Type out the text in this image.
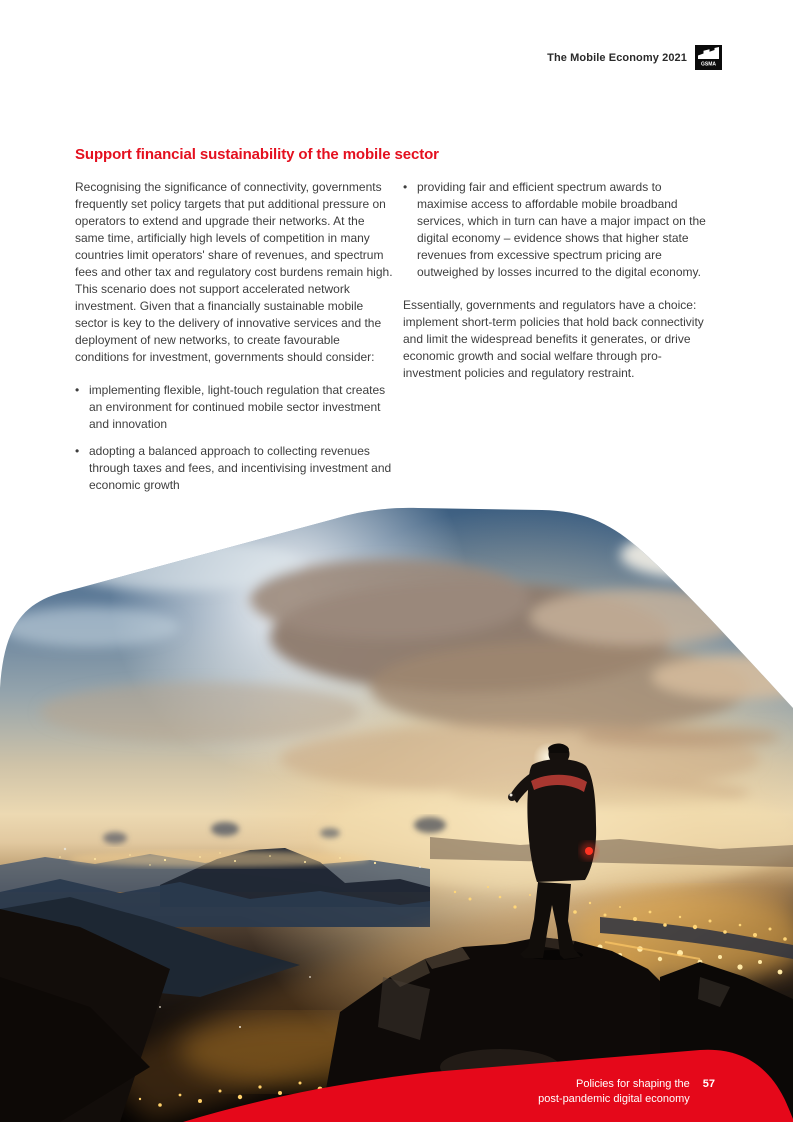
The Mobile Economy 2021
GSMA
Support financial sustainability of the mobile sector

Recognising the significance of connectivity, governments frequently set policy targets that put additional pressure on operators to extend and upgrade their networks. At the same time, artificially high levels of competition in many countries limit operators' share of revenues, and spectrum fees and other tax and regulatory cost burdens remain high. This scenario does not support accelerated network investment. Given that a financially sustainable mobile sector is key to the delivery of innovative services and the deployment of new networks, to create favourable conditions for investment, governments should consider:

• implementing flexible, light-touch regulation that creates an environment for continued mobile sector investment and innovation
• adopting a balanced approach to collecting revenues through taxes and fees, and incentivising investment and economic growth
• providing fair and efficient spectrum awards to maximise access to affordable mobile broadband services, which in turn can have a major impact on the digital economy – evidence shows that higher state revenues from excessive spectrum pricing are outweighed by losses incurred to the digital economy.

Essentially, governments and regulators have a choice: implement short-term policies that hold back connectivity and limit the widespread benefits it generates, or drive economic growth and social welfare through pro-investment policies and regulatory restraint.

Policies for shaping the
post-pandemic digital economy
57
